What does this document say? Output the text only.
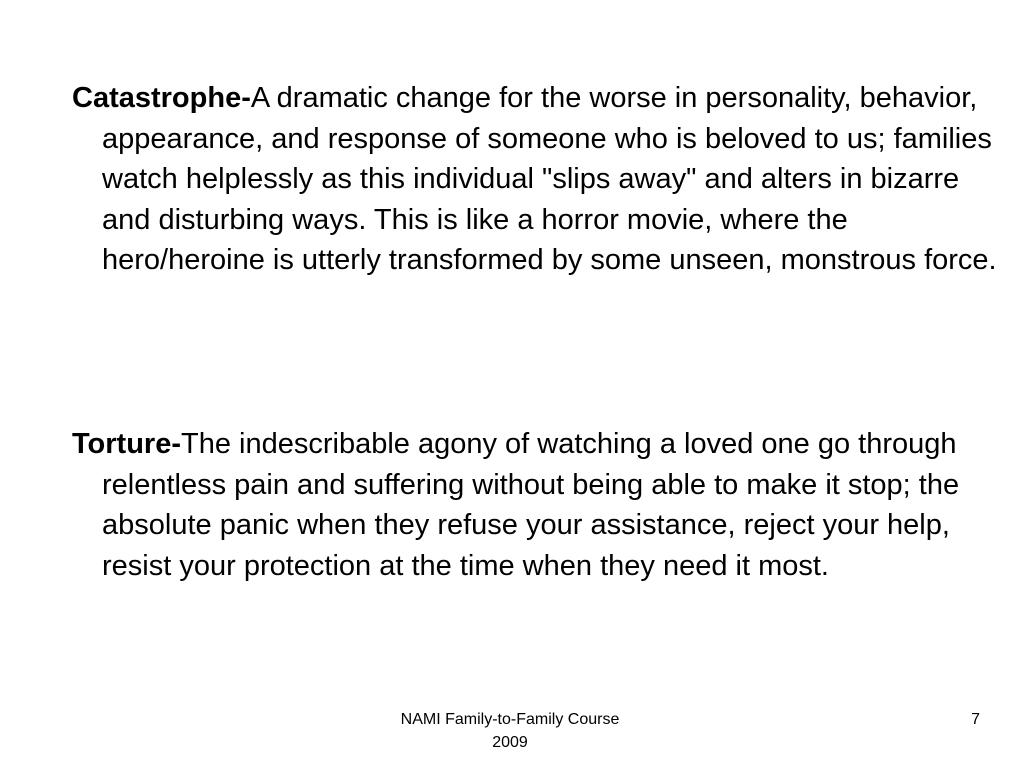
Catastrophe-A dramatic change for the worse in personality, behavior, appearance, and response of someone who is beloved to us; families watch helplessly as this individual "slips away" and alters in bizarre and disturbing ways. This is like a horror movie, where the hero/heroine is utterly transformed by some unseen, monstrous force.

Torture-The indescribable agony of watching a loved one go through relentless pain and suffering without being able to make it stop; the absolute panic when they refuse your assistance, reject your help, resist your protection at the time when they need it most.

NAMI Family-to-Family Course
2009
7
